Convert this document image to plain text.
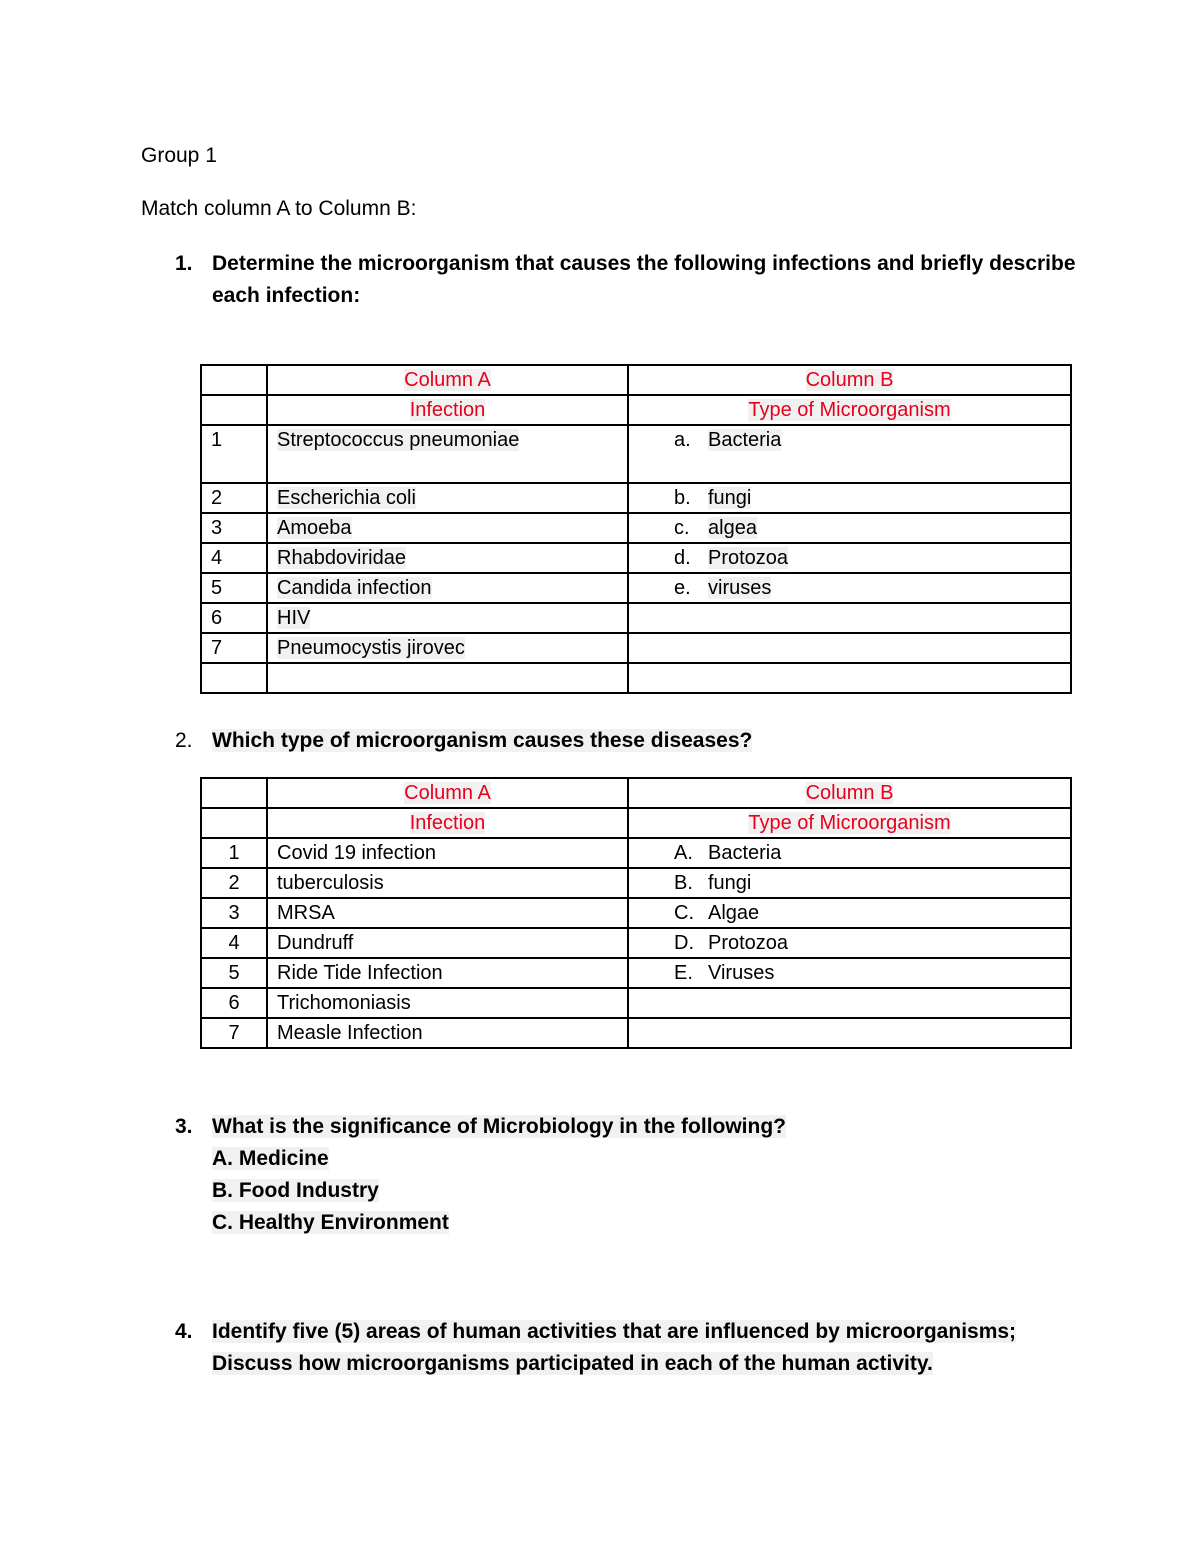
Group 1
Match column A to Column B:
1. Determine the microorganism that causes the following infections and briefly describe
each infection:
	Column A	Column B
	Infection	Type of Microorganism
1	Streptococcus pneumoniae	a. Bacteria
2	Escherichia coli	b. fungi
3	Amoeba	c. algea
4	Rhabdoviridae	d. Protozoa
5	Candida infection	e. viruses
6	HIV	
7	Pneumocystis jirovec	

2. Which type of microorganism causes these diseases?
	Column A	Column B
	Infection	Type of Microorganism
1	Covid 19 infection	A. Bacteria
2	tuberculosis	B. fungi
3	MRSA	C. Algae
4	Dundruff	D. Protozoa
5	Ride Tide Infection	E. Viruses
6	Trichomoniasis	
7	Measle Infection	
3. What is the significance of Microbiology in the following?
A. Medicine
B. Food Industry
C. Healthy Environment
4. Identify five (5) areas of human activities that are influenced by microorganisms;
Discuss how microorganisms participated in each of the human activity.
